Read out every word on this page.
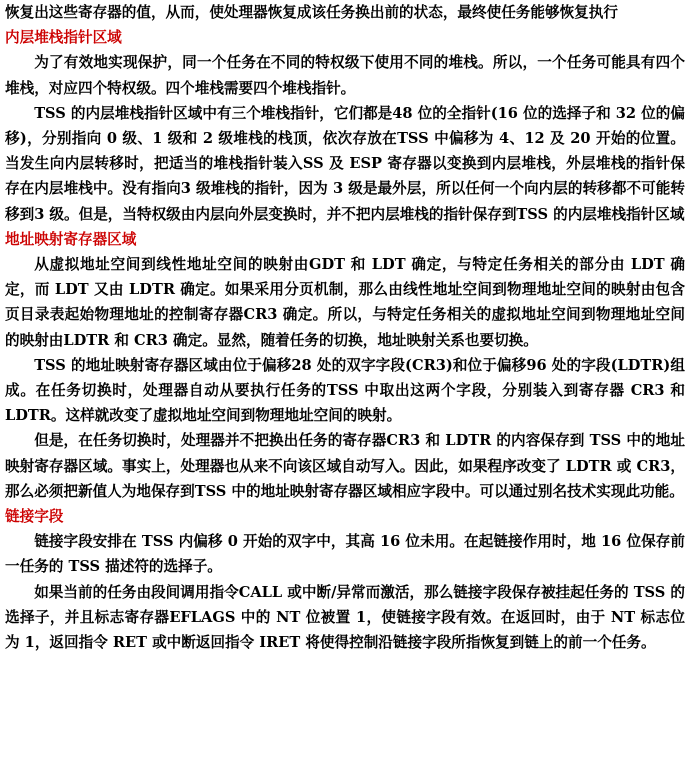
恢复出这些寄存器的值，从而，使处理器恢复成该任务换出前的状态，最终使任务能够恢复执行

内层堆栈指针区域

为了有效地实现保护，同一个任务在不同的特权级下使用不同的堆栈。所以，一个任务可能具有四个堆栈，对应四个特权级。四个堆栈需要四个堆栈指针。

TSS 的内层堆栈指针区域中有三个堆栈指针，它们都是48 位的全指针(16 位的选择子和 32 位的偏移)，分别指向 0 级、1 级和 2 级堆栈的栈顶，依次存放在TSS 中偏移为 4、12 及 20 开始的位置。当发生向内层转移时，把适当的堆栈指针装入SS 及 ESP 寄存器以变换到内层堆栈，外层堆栈的指针保存在内层堆栈中。没有指向3 级堆栈的指针，因为 3 级是最外层，所以任何一个向内层的转移都不可能转移到3 级。但是，当特权级由内层向外层变换时，并不把内层堆栈的指针保存到TSS 的内层堆栈指针区域

地址映射寄存器区域

从虚拟地址空间到线性地址空间的映射由GDT 和 LDT 确定，与特定任务相关的部分由 LDT 确定，而 LDT 又由 LDTR 确定。如果采用分页机制，那么由线性地址空间到物理地址空间的映射由包含页目录表起始物理地址的控制寄存器CR3 确定。所以，与特定任务相关的虚拟地址空间到物理地址空间的映射由LDTR 和 CR3 确定。显然，随着任务的切换，地址映射关系也要切换。

TSS 的地址映射寄存器区域由位于偏移28 处的双字字段(CR3)和位于偏移96 处的字段(LDTR)组成。在任务切换时，处理器自动从要执行任务的TSS 中取出这两个字段，分别装入到寄存器 CR3 和 LDTR。这样就改变了虚拟地址空间到物理地址空间的映射。

但是，在任务切换时，处理器并不把换出任务的寄存器CR3 和 LDTR 的内容保存到 TSS 中的地址映射寄存器区域。事实上，处理器也从来不向该区域自动写入。因此，如果程序改变了 LDTR 或 CR3，那么必须把新值人为地保存到TSS 中的地址映射寄存器区域相应字段中。可以通过别名技术实现此功能。

链接字段

链接字段安排在 TSS 内偏移 0 开始的双字中，其高 16 位未用。在起链接作用时，地 16 位保存前一任务的 TSS 描述符的选择子。

如果当前的任务由段间调用指令CALL 或中断/异常而激活，那么链接字段保存被挂起任务的 TSS 的选择子，并且标志寄存器EFLAGS 中的 NT 位被置 1，使链接字段有效。在返回时，由于 NT 标志位为 1，返回指令 RET 或中断返回指令 IRET 将使得控制沿链接字段所指恢复到链上的前一个任务。
